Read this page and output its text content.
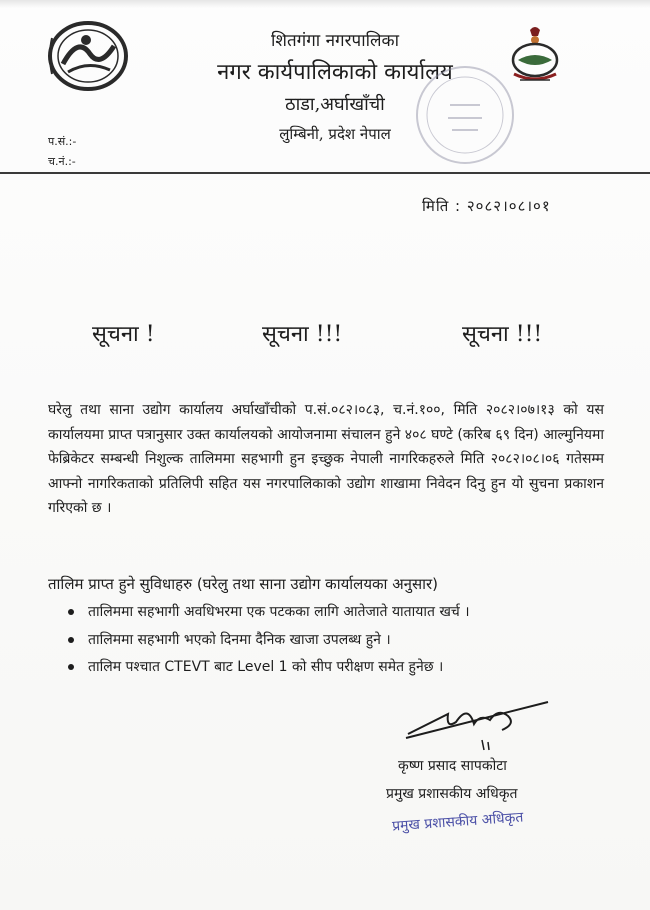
शितगंगा नगरपालिका
नगर कार्यपालिकाको कार्यालय
ठाडा,अर्घाखाँची
लुम्बिनी, प्रदेश नेपाल
प.सं.:-
च.नं.:-
मिति : २०८२।०८।०१
सूचना !	सूचना !!!	सूचना !!!
घरेलु तथा साना उद्योग कार्यालय अर्घाखाँचीको प.सं.०८२।०८३, च.नं.१००, मिति २०८२।०७।१३ को यस कार्यालयमा प्राप्त पत्रानुसार उक्त कार्यालयको आयोजनामा संचालन हुने ४०८ घण्टे (करिब ६९ दिन) आल्मुनियमा फेब्रिकेटर सम्बन्धी निशुल्क तालिममा सहभागी हुन इच्छुक नेपाली नागरिकहरुले मिति २०८२।०८।०६ गतेसम्म आफ्नो नागरिकताको प्रतिलिपी सहित यस नगरपालिकाको उद्योग शाखामा निवेदन दिनु हुन यो सुचना प्रकाशन गरिएको छ ।
तालिम प्राप्त हुने सुविधाहरु (घरेलु तथा साना उद्योग कार्यालयका अनुसार)
तालिममा सहभागी अवधिभरमा एक पटकका लागि आतेजाते यातायात खर्च ।
तालिममा सहभागी भएको दिनमा दैनिक खाजा उपलब्ध हुने ।
तालिम पश्चात CTEVT बाट Level 1 को सीप परीक्षण समेत हुनेछ ।
कृष्ण प्रसाद सापकोटा
प्रमुख प्रशासकीय अधिकृत
प्रमुख प्रशासकीय अधिकृत
